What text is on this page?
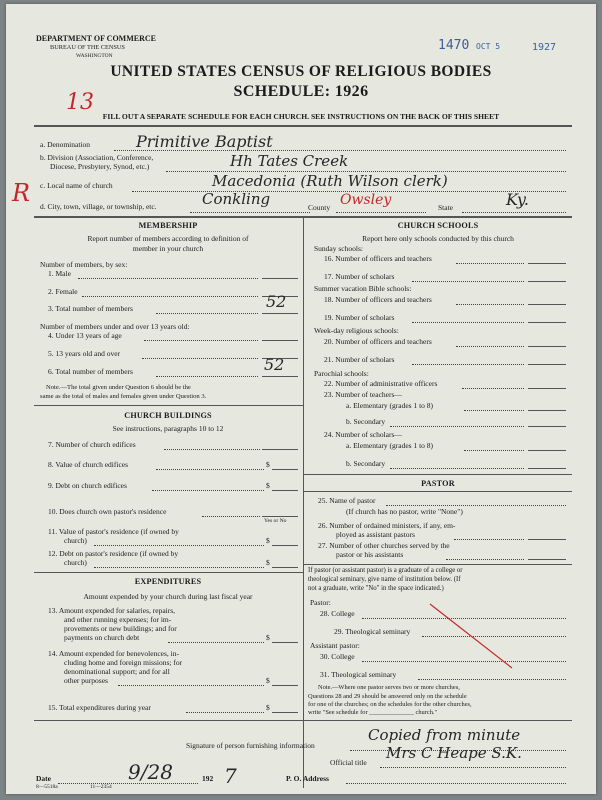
DEPARTMENT OF COMMERCE
BUREAU OF THE CENSUS
WASHINGTON
1470 OCT 5	1927
UNITED STATES CENSUS OF RELIGIOUS BODIES
SCHEDULE: 1926
13
FILL OUT A SEPARATE SCHEDULE FOR EACH CHURCH. SEE INSTRUCTIONS ON THE BACK OF THIS SHEET
a. Denomination	Primitive Baptist
b. Division (Association, Conference,
Diocese, Presbytery, Synod, etc.)	Hh Tates Creek
c. Local name of church	Macedonia (Ruth Wilson clerk)
R d. City, town, village, or township, etc.	Conkling	County Owsley	State	Ky.
MEMBERSHIP
Report number of members according to definition of
member in your church
Number of members, by sex:
1. Male
2. Female
3. Total number of members	52
Number of members under and over 13 years old:
4. Under 13 years of age
5. 13 years old and over
6. Total number of members	52
Note.—The total given under Question 6 should be the
same as the total of males and females given under Question 3.
CHURCH BUILDINGS
See instructions, paragraphs 10 to 12
7. Number of church edifices
8. Value of church edifices	$
9. Debt on church edifices	$
10. Does church own pastor's residence
Yes or No
11. Value of pastor's residence (if owned by
church)	$
12. Debt on pastor's residence (if owned by
church)	$
EXPENDITURES
Amount expended by your church during last fiscal year
13. Amount expended for salaries, repairs,
and other running expenses; for im-
provements or new buildings; and for
payments on church debt	$
14. Amount expended for benevolences, in-
cluding home and foreign missions; for
denominational support; and for all
other purposes	$
15. Total expenditures during year	$
CHURCH SCHOOLS
Report here only schools conducted by this church
Sunday schools:
16. Number of officers and teachers
17. Number of scholars
Summer vacation Bible schools:
18. Number of officers and teachers
19. Number of scholars
Week-day religious schools:
20. Number of officers and teachers
21. Number of scholars
Parochial schools:
22. Number of administrative officers
23. Number of teachers—
a. Elementary (grades 1 to 8)
b. Secondary
24. Number of scholars—
a. Elementary (grades 1 to 8)
b. Secondary
PASTOR
25. Name of pastor
(If church has no pastor, write "None")
26. Number of ordained ministers, if any, em-
ployed as assistant pastors
27. Number of other churches served by the
pastor or his assistants
If pastor (or assistant pastor) is a graduate of a college or
theological seminary, give name of institution below. (If
not a graduate, write "No" in the space indicated.)
Pastor:
28. College
29. Theological seminary
Assistant pastor:
30. College
31. Theological seminary
Note.—Where one pastor serves two or more churches,
Questions 28 and 29 should be answered only on the schedule
for one of the churches; on the schedules for the other churches,
write "See schedule for ______________ church."
Signature of person furnishing information
Copied from minute
Official title
Mrs C Heape S.K.
Date	9/28	192 7	P. O. Address
8—5518a	11—2354
